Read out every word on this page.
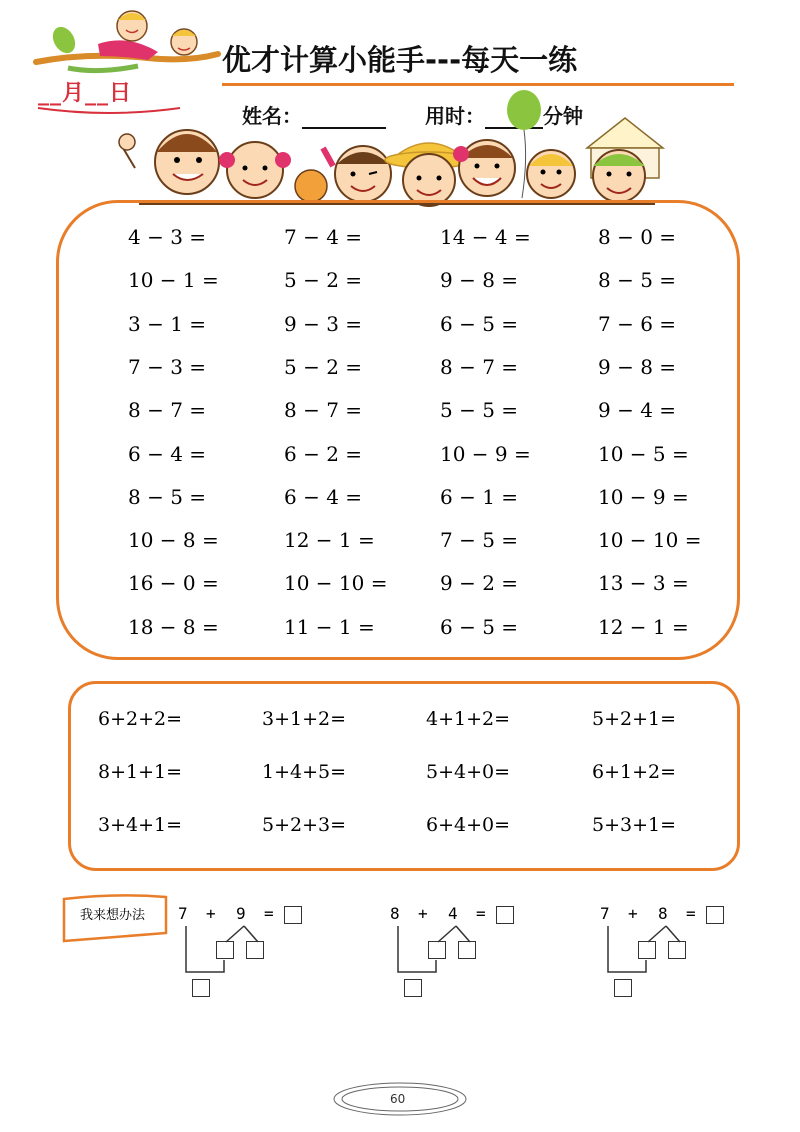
__月__日
优才计算小能手---每天一练
姓名：	用时：	分钟
4 − 3 =	7 − 4 =	14 − 4 =	8 − 0 =
10 − 1 =	5 − 2 =	9 − 8 =	8 − 5 =
3 − 1 =	9 − 3 =	6 − 5 =	7 − 6 =
7 − 3 =	5 − 2 =	8 − 7 =	9 − 8 =
8 − 7 =	8 − 7 =	5 − 5 =	9 − 4 =
6 − 4 =	6 − 2 =	10 − 9 =	10 − 5 =
8 − 5 =	6 − 4 =	6 − 1 =	10 − 9 =
10 − 8 =	12 − 1 =	7 − 5 =	10 − 10 =
16 − 0 =	10 − 10 =	9 − 2 =	13 − 3 =
18 − 8 =	11 − 1 =	6 − 5 =	12 − 1 =
6+2+2=	3+1+2=	4+1+2=	5+2+1=
8+1+1=	1+4+5=	5+4+0=	6+1+2=
3+4+1=	5+2+3=	6+4+0=	5+3+1=
我来想办法 7 + 9 =	8 + 4 =	7 + 8 =
60
